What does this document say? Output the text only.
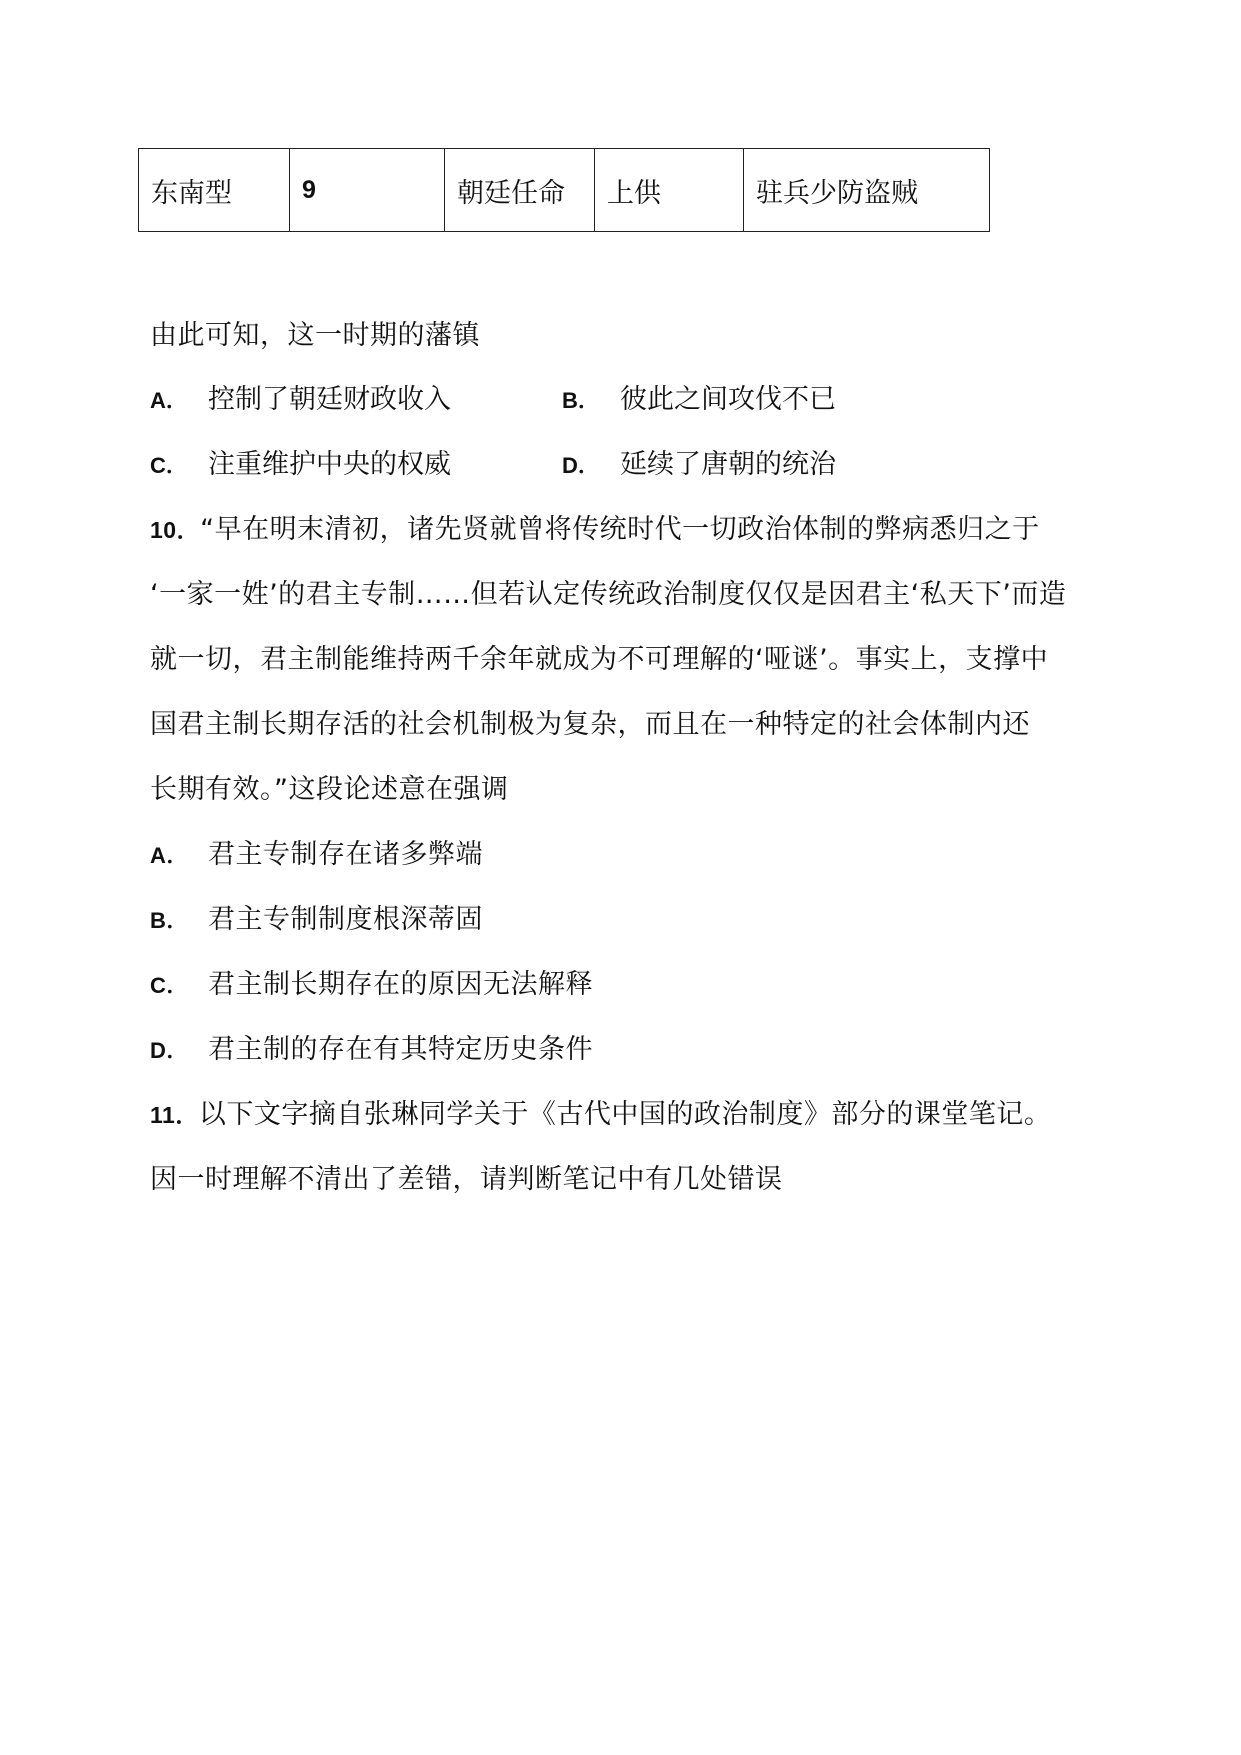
东南型	9	朝廷任命	上供	驻兵少防盗贼
由此可知，这一时期的藩镇
A． 控制了朝廷财政收入	B． 彼此之间攻伐不已
C． 注重维护中央的权威	D． 延续了唐朝的统治
10．“早在明末清初，诸先贤就曾将传统时代一切政治体制的弊病悉归之于
‘一家一姓’的君主专制……但若认定传统政治制度仅仅是因君主‘私天下’而造
就一切，君主制能维持两千余年就成为不可理解的‘哑谜’。事实上，支撑中
国君主制长期存活的社会机制极为复杂，而且在一种特定的社会体制内还
长期有效。”这段论述意在强调
A． 君主专制存在诸多弊端
B． 君主专制制度根深蒂固
C． 君主制长期存在的原因无法解释
D． 君主制的存在有其特定历史条件
11．以下文字摘自张琳同学关于《古代中国的政治制度》部分的课堂笔记。
因一时理解不清出了差错，请判断笔记中有几处错误
